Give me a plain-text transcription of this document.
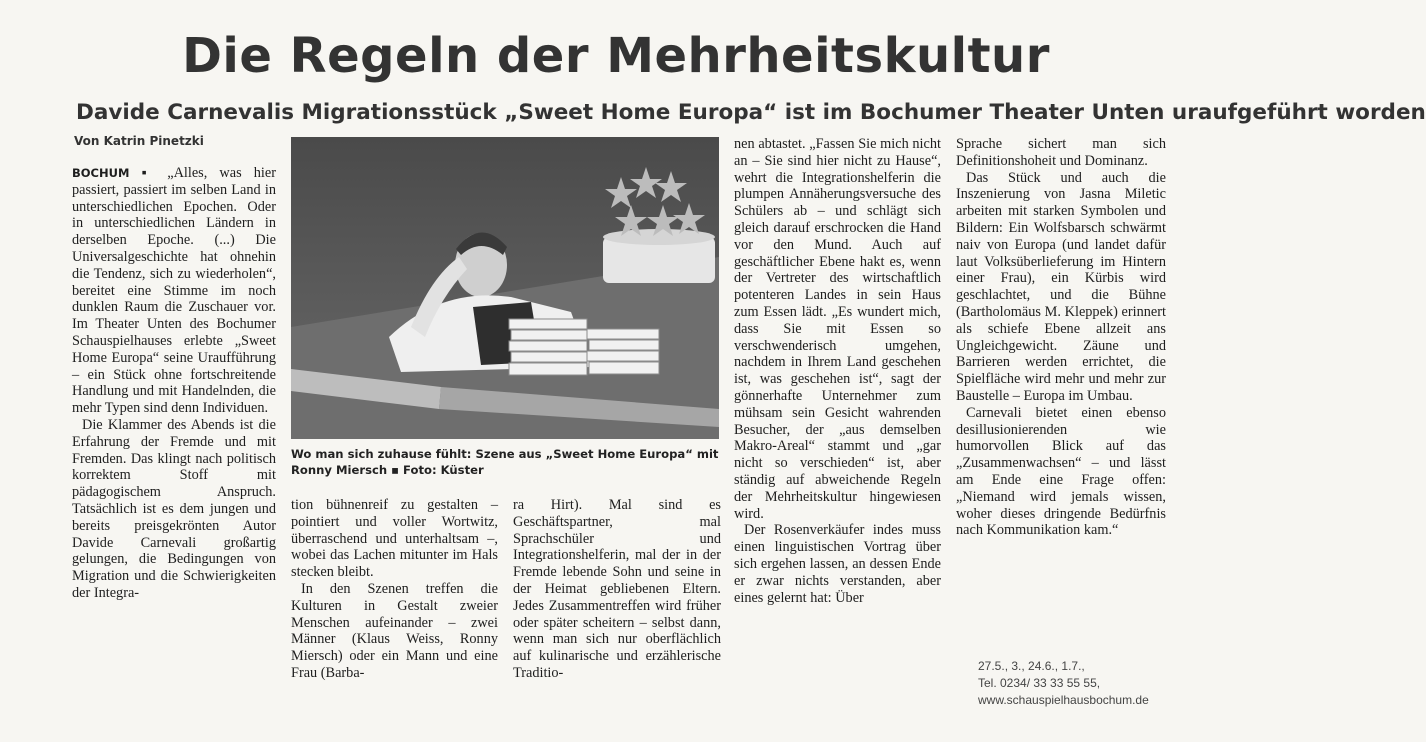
Die Regeln der Mehrheitskultur
Davide Carnevalis Migrationsstück „Sweet Home Europa“ ist im Bochumer Theater Unten uraufgeführt worden
Von Katrin Pinetzki

BOCHUM ▪ „Alles, was hier passiert, passiert im selben Land in unterschiedlichen Epochen. Oder in unterschiedlichen Ländern in derselben Epoche. (...) Die Universalgeschichte hat ohnehin die Tendenz, sich zu wiederholen“, bereitet eine Stimme im noch dunklen Raum die Zuschauer vor. Im Theater Unten des Bochumer Schauspielhauses erlebte „Sweet Home Europa“ seine Uraufführung – ein Stück ohne fortschreitende Handlung und mit Handelnden, die mehr Typen sind denn Individuen.

Die Klammer des Abends ist die Erfahrung der Fremde und mit Fremden. Das klingt nach politisch korrektem Stoff mit pädagogischem Anspruch. Tatsächlich ist es dem jungen und bereits preisgekrönten Autor Davide Carnevali großartig gelungen, die Bedingungen von Migration und die Schwierigkeiten der Integra-

Wo man sich zuhause fühlt: Szene aus „Sweet Home Europa“ mit Ronny Miersch ▪ Foto: Küster

tion bühnenreif zu gestalten – pointiert und voller Wortwitz, überraschend und unterhaltsam –, wobei das Lachen mitunter im Hals stecken bleibt.

In den Szenen treffen die Kulturen in Gestalt zweier Menschen aufeinander – zwei Männer (Klaus Weiss, Ronny Miersch) oder ein Mann und eine Frau (Barba-

ra Hirt). Mal sind es Geschäftspartner, mal Sprachschüler und Integrationshelferin, mal der in der Fremde lebende Sohn und seine in der Heimat gebliebenen Eltern. Jedes Zusammentreffen wird früher oder später scheitern – selbst dann, wenn man sich nur oberflächlich auf kulinarische und erzählerische Traditio-

nen abtastet. „Fassen Sie mich nicht an – Sie sind hier nicht zu Hause“, wehrt die Integrationshelferin die plumpen Annäherungsversuche des Schülers ab – und schlägt sich gleich darauf erschrocken die Hand vor den Mund. Auch auf geschäftlicher Ebene hakt es, wenn der Vertreter des wirtschaftlich potenteren Landes in sein Haus zum Essen lädt. „Es wundert mich, dass Sie mit Essen so verschwenderisch umgehen, nachdem in Ihrem Land geschehen ist, was geschehen ist“, sagt der gönnerhafte Unternehmer zum mühsam sein Gesicht wahrenden Besucher, der „aus demselben Makro-Areal“ stammt und „gar nicht so verschieden“ ist, aber ständig auf abweichende Regeln der Mehrheitskultur hingewiesen wird.

Der Rosenverkäufer indes muss einen linguistischen Vortrag über sich ergehen lassen, an dessen Ende er zwar nichts verstanden, aber eines gelernt hat: Über

Sprache sichert man sich Definitionshoheit und Dominanz.

Das Stück und auch die Inszenierung von Jasna Miletic arbeiten mit starken Symbolen und Bildern: Ein Wolfsbarsch schwärmt naiv von Europa (und landet dafür laut Volksüberlieferung im Hintern einer Frau), ein Kürbis wird geschlachtet, und die Bühne (Bartholomäus M. Kleppek) erinnert als schiefe Ebene allzeit ans Ungleichgewicht. Zäune und Barrieren werden errichtet, die Spielfläche wird mehr und mehr zur Baustelle – Europa im Umbau.

Carnevali bietet einen ebenso desillusionierenden wie humorvollen Blick auf das „Zusammenwachsen“ – und lässt am Ende eine Frage offen: „Niemand wird jemals wissen, woher dieses dringende Bedürfnis nach Kommunikation kam.“

27.5., 3., 24.6., 1.7.,
Tel. 0234/ 33 33 55 55,
www.schauspielhausbochum.de
